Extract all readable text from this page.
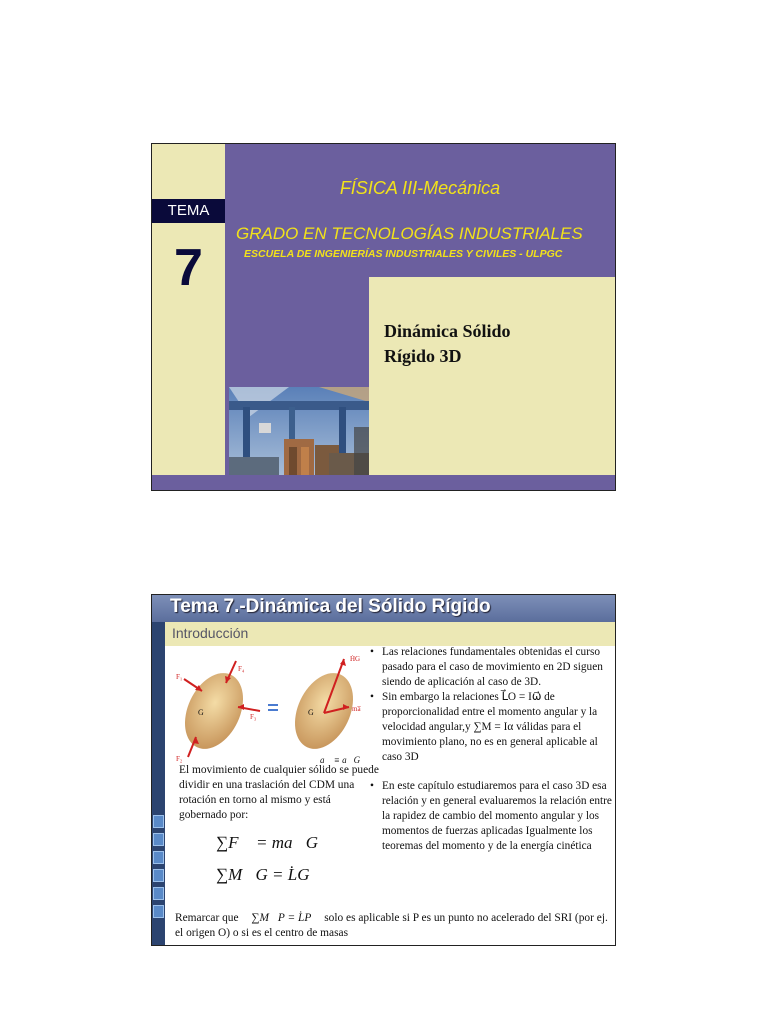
TEMA
7
FÍSICA III-Mecánica
GRADO EN TECNOLOGÍAS INDUSTRIALES
ESCUELA DE INGENIERÍAS INDUSTRIALES Y CIVILES - ULPGC
Dinámica Sólido
Rígido 3D
Tema 7.-Dinámica del Sólido Rígido
Introducción
G	G
F₁
F₄
F₃
F₂
ḢG
ma̅
a⃗ ≡ a⃗G
El movimiento de cualquier sólido se puede dividir en una traslación del CDM una rotación en torno al mismo y está gobernado por:
∑F⃗ = ma⃗G
∑M⃗G = L̇G
• Las relaciones fundamentales obtenidas el curso pasado para el caso de movimiento en 2D siguen siendo de aplicación al caso de 3D.
• Sin embargo la relaciones L⃗O = Iω⃗ de proporcionalidad entre el momento angular y la velocidad angular,y ∑M = Iα válidas para el movimiento plano, no es en general aplicable al caso 3D
• En este capítulo estudiaremos para el caso 3D esa relación y en general evaluaremos la relación entre la rapidez de cambio del momento angular y los momentos de fuerzas aplicadas Igualmente los teoremas del momento y de la energía cinética
Remarcar que ∑M⃗P = L̇P solo es aplicable si P es un punto no acelerado del SRI (por ej. el origen O) o si es el centro de masas
